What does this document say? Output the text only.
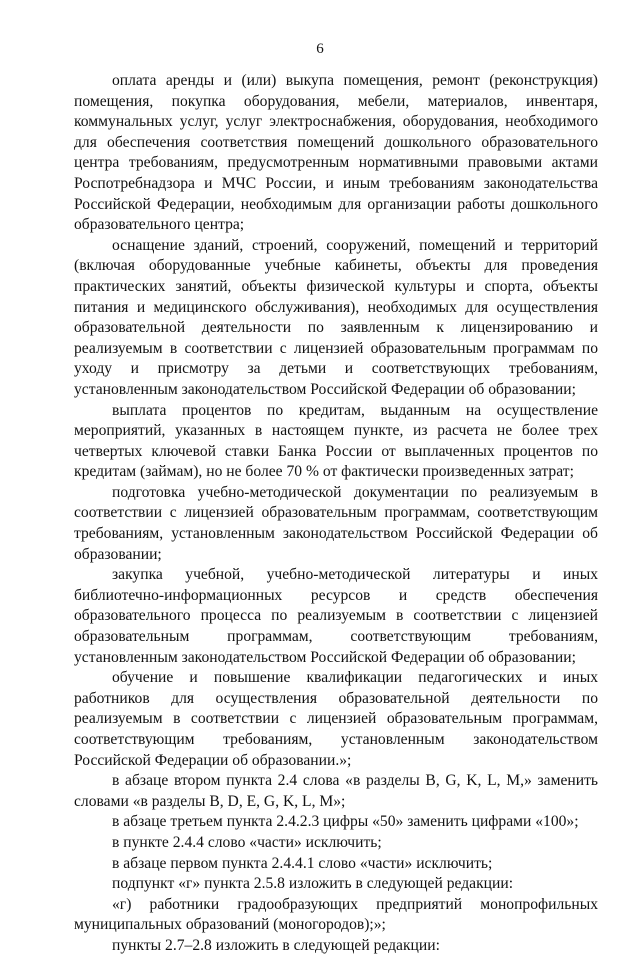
6

оплата аренды и (или) выкупа помещения, ремонт (реконструкция) помещения, покупка оборудования, мебели, материалов, инвентаря, коммунальных услуг, услуг электроснабжения, оборудования, необходимого для обеспечения соответствия помещений дошкольного образовательного центра требованиям, предусмотренным нормативными правовыми актами Роспотребнадзора и МЧС России, и иным требованиям законодательства Российской Федерации, необходимым для организации работы дошкольного образовательного центра;

оснащение зданий, строений, сооружений, помещений и территорий (включая оборудованные учебные кабинеты, объекты для проведения практических занятий, объекты физической культуры и спорта, объекты питания и медицинского обслуживания), необходимых для осуществления образовательной деятельности по заявленным к лицензированию и реализуемым в соответствии с лицензией образовательным программам по уходу и присмотру за детьми и соответствующих требованиям, установленным законодательством Российской Федерации об образовании;

выплата процентов по кредитам, выданным на осуществление мероприятий, указанных в настоящем пункте, из расчета не более трех четвертых ключевой ставки Банка России от выплаченных процентов по кредитам (займам), но не более 70 % от фактически произведенных затрат;

подготовка учебно-методической документации по реализуемым в соответствии с лицензией образовательным программам, соответствующим требованиям, установленным законодательством Российской Федерации об образовании;

закупка учебной, учебно-методической литературы и иных библиотечно-информационных ресурсов и средств обеспечения образовательного процесса по реализуемым в соответствии с лицензией образовательным программам, соответствующим требованиям, установленным законодательством Российской Федерации об образовании;

обучение и повышение квалификации педагогических и иных работников для осуществления образовательной деятельности по реализуемым в соответствии с лицензией образовательным программам, соответствующим требованиям, установленным законодательством Российской Федерации об образовании.»;

в абзаце втором пункта 2.4 слова «в разделы B, G, K, L, M,» заменить словами «в разделы B, D, E, G, K, L, M»;

в абзаце третьем пункта 2.4.2.3 цифры «50» заменить цифрами «100»;

в пункте 2.4.4 слово «части» исключить;

в абзаце первом пункта 2.4.4.1 слово «части» исключить;

подпункт «г» пункта 2.5.8 изложить в следующей редакции:

«г) работники градообразующих предприятий монопрофильных муниципальных образований (моногородов);»;

пункты 2.7–2.8 изложить в следующей редакции:
